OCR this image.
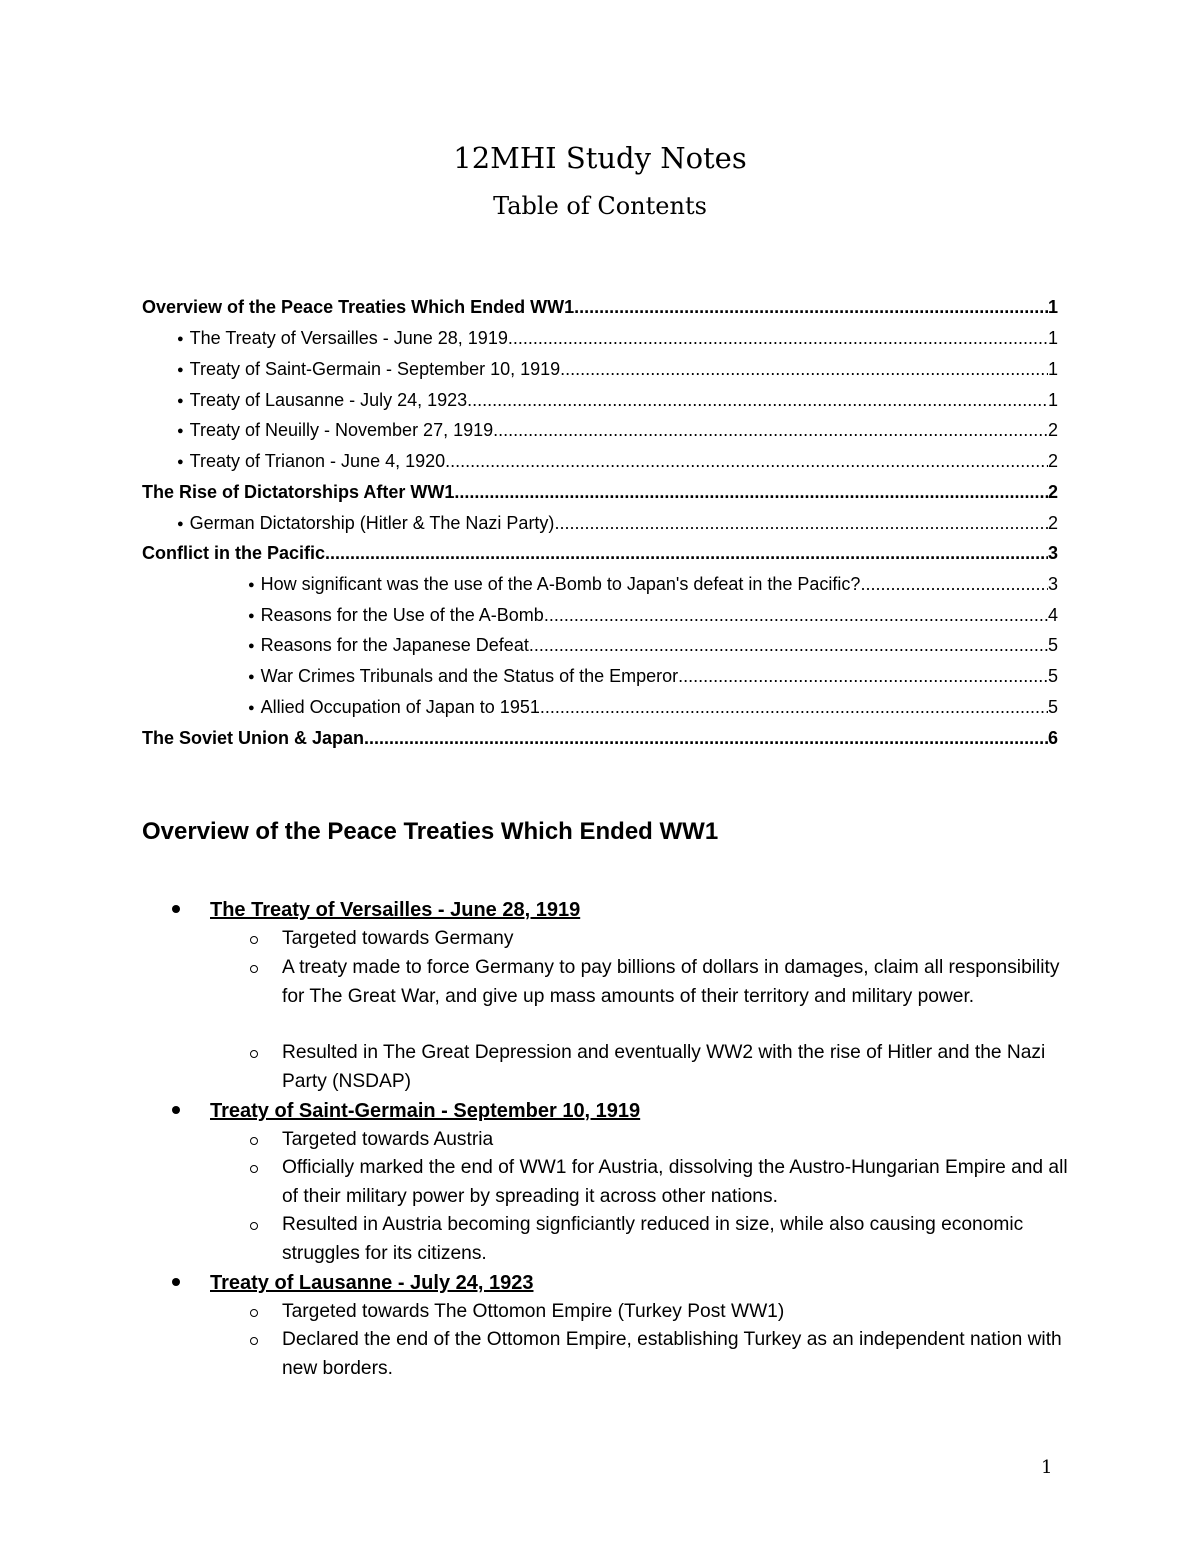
12MHI Study Notes
Table of Contents
Overview of the Peace Treaties Which Ended WW1 .....	1
● The Treaty of Versailles - June 28, 1919 .....	1
● Treaty of Saint-Germain - September 10, 1919 .....	1
● Treaty of Lausanne - July 24, 1923 .....	1
● Treaty of Neuilly - November 27, 1919 .....	2
● Treaty of Trianon - June 4, 1920 .....	2
The Rise of Dictatorships After WW1 .....	2
● German Dictatorship (Hitler & The Nazi Party) .....	2
Conflict in the Pacific .....	3
● How significant was the use of the A-Bomb to Japan's defeat in the Pacific? .....	3
● Reasons for the Use of the A-Bomb .....	4
● Reasons for the Japanese Defeat .....	5
● War Crimes Tribunals and the Status of the Emperor .....	5
● Allied Occupation of Japan to 1951 .....	5
The Soviet Union & Japan .....	6
Overview of the Peace Treaties Which Ended WW1
The Treaty of Versailles - June 28, 1919
Targeted towards Germany
A treaty made to force Germany to pay billions of dollars in damages, claim all responsibility for The Great War, and give up mass amounts of their territory and military power.
Resulted in The Great Depression and eventually WW2 with the rise of Hitler and the Nazi Party (NSDAP)
Treaty of Saint-Germain - September 10, 1919
Targeted towards Austria
Officially marked the end of WW1 for Austria, dissolving the Austro-Hungarian Empire and all of their military power by spreading it across other nations.
Resulted in Austria becoming signficiantly reduced in size, while also causing economic struggles for its citizens.
Treaty of Lausanne - July 24, 1923
Targeted towards The Ottomon Empire (Turkey Post WW1)
Declared the end of the Ottomon Empire, establishing Turkey as an independent nation with new borders.
1
